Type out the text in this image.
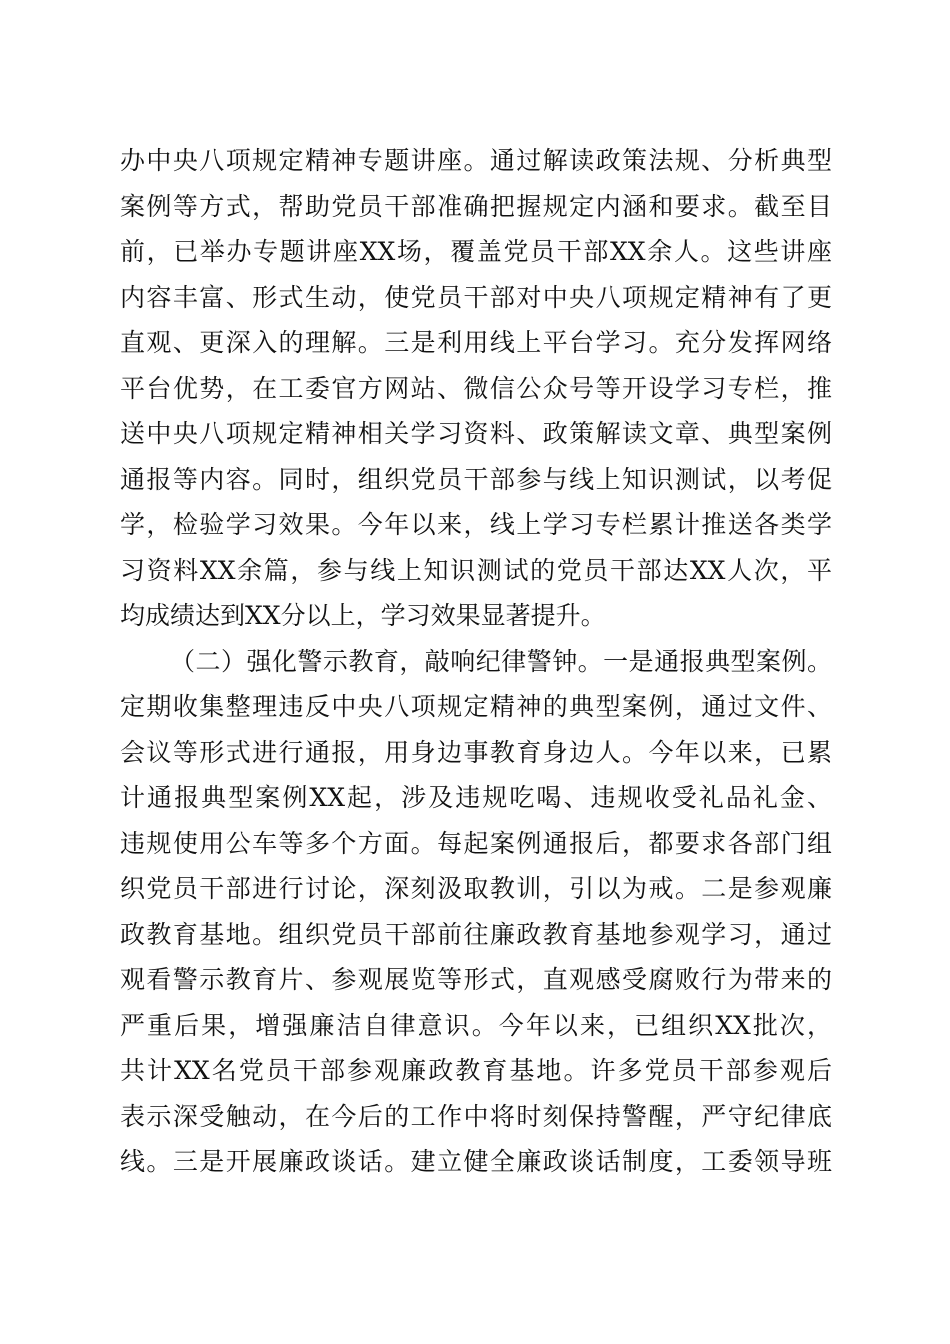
办中央八项规定精神专题讲座。通过解读政策法规、分析典型
案例等方式，帮助党员干部准确把握规定内涵和要求。截至目
前，已举办专题讲座XX场，覆盖党员干部XX余人。这些讲座
内容丰富、形式生动，使党员干部对中央八项规定精神有了更
直观、更深入的理解。三是利用线上平台学习。充分发挥网络
平台优势，在工委官方网站、微信公众号等开设学习专栏，推
送中央八项规定精神相关学习资料、政策解读文章、典型案例
通报等内容。同时，组织党员干部参与线上知识测试，以考促
学，检验学习效果。今年以来，线上学习专栏累计推送各类学
习资料XX余篇，参与线上知识测试的党员干部达XX人次，平
均成绩达到XX分以上，学习效果显著提升。
（二）强化警示教育，敲响纪律警钟。一是通报典型案例。
定期收集整理违反中央八项规定精神的典型案例，通过文件、
会议等形式进行通报，用身边事教育身边人。今年以来，已累
计通报典型案例XX起，涉及违规吃喝、违规收受礼品礼金、
违规使用公车等多个方面。每起案例通报后，都要求各部门组
织党员干部进行讨论，深刻汲取教训，引以为戒。二是参观廉
政教育基地。组织党员干部前往廉政教育基地参观学习，通过
观看警示教育片、参观展览等形式，直观感受腐败行为带来的
严重后果，增强廉洁自律意识。今年以来，已组织XX批次，
共计XX名党员干部参观廉政教育基地。许多党员干部参观后
表示深受触动，在今后的工作中将时刻保持警醒，严守纪律底
线。三是开展廉政谈话。建立健全廉政谈话制度，工委领导班
